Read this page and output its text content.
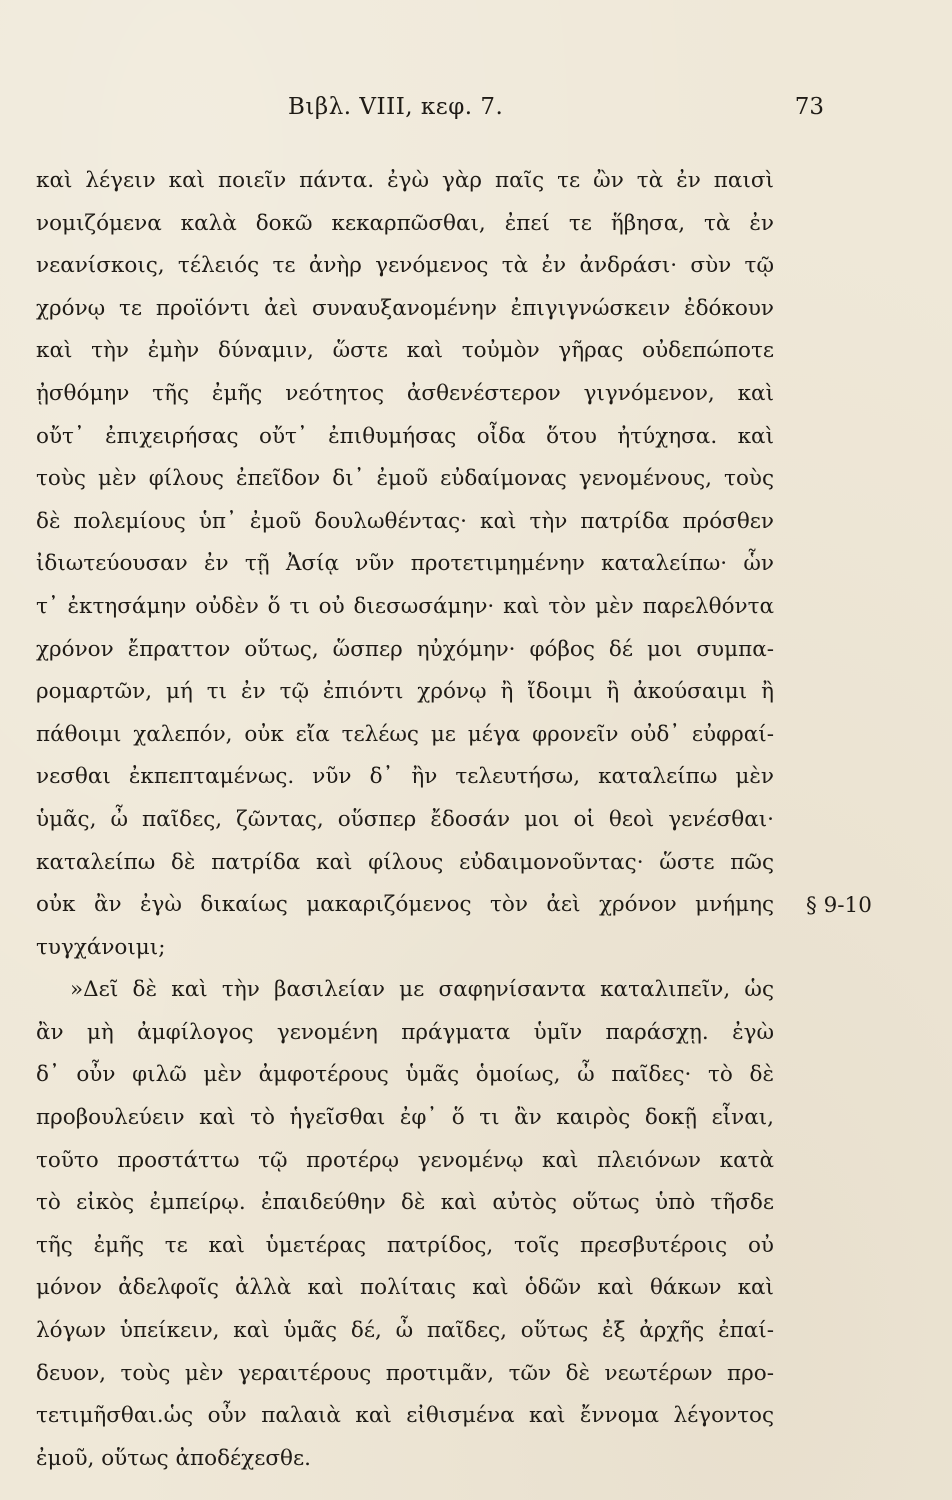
Βιβλ. VIII, κεφ. 7.	73
καὶ λέγειν καὶ ποιεῖν πάντα. ἐγὼ γὰρ παῖς τε ὢν τὰ ἐν παισὶ
νομιζόμενα καλὰ δοκῶ κεκαρπῶσθαι, ἐπεί τε ἥβησα, τὰ ἐν
νεανίσκοις, τέλειός τε ἀνὴρ γενόμενος τὰ ἐν ἀνδράσι· σὺν τῷ
χρόνῳ τε προϊόντι ἀεὶ συναυξανομένην ἐπιγιγνώσκειν ἐδόκουν
καὶ τὴν ἐμὴν δύναμιν, ὥστε καὶ τοὐμὸν γῆρας οὐδεπώποτε
ᾐσθόμην τῆς ἐμῆς νεότητος ἀσθενέστερον γιγνόμενον, καὶ
οὔτ᾽ ἐπιχειρήσας οὔτ᾽ ἐπιθυμήσας οἶδα ὅτου ἠτύχησα. καὶ
τοὺς μὲν φίλους ἐπεῖδον δι᾽ ἐμοῦ εὐδαίμονας γενομένους, τοὺς
δὲ πολεμίους ὑπ᾽ ἐμοῦ δουλωθέντας· καὶ τὴν πατρίδα πρόσθεν
ἰδιωτεύουσαν ἐν τῇ Ἀσίᾳ νῦν προτετιμημένην καταλείπω· ὧν
τ᾽ ἐκτησάμην οὐδὲν ὅ τι οὐ διεσωσάμην· καὶ τὸν μὲν παρελθόντα
χρόνον ἔπραττον οὕτως, ὥσπερ ηὐχόμην· φόβος δέ μοι συμπα-
ρομαρτῶν, μή τι ἐν τῷ ἐπιόντι χρόνῳ ἢ ἴδοιμι ἢ ἀκούσαιμι ἢ
πάθοιμι χαλεπόν, οὐκ εἴα τελέως με μέγα φρονεῖν οὐδ᾽ εὐφραί-
νεσθαι ἐκπεπταμένως. νῦν δ᾽ ἢν τελευτήσω, καταλείπω μὲν
ὑμᾶς, ὦ παῖδες, ζῶντας, οὕσπερ ἔδοσάν μοι οἱ θεοὶ γενέσθαι·
καταλείπω δὲ πατρίδα καὶ φίλους εὐδαιμονοῦντας· ὥστε πῶς
οὐκ ἂν ἐγὼ δικαίως μακαριζόμενος τὸν ἀεὶ χρόνον μνήμης
τυγχάνοιμι;
»Δεῖ δὲ καὶ τὴν βασιλείαν με σαφηνίσαντα καταλιπεῖν, ὡς
ἂν μὴ ἀμφίλογος γενομένη πράγματα ὑμῖν παράσχῃ. ἐγὼ
δ᾽ οὖν φιλῶ μὲν ἀμφοτέρους ὑμᾶς ὁμοίως, ὦ παῖδες· τὸ δὲ
προβουλεύειν καὶ τὸ ἡγεῖσθαι ἐφ᾽ ὅ τι ἂν καιρὸς δοκῇ εἶναι,
τοῦτο προστάττω τῷ προτέρῳ γενομένῳ καὶ πλειόνων κατὰ
τὸ εἰκὸς ἐμπείρῳ. ἐπαιδεύθην δὲ καὶ αὐτὸς οὕτως ὑπὸ τῆσδε
τῆς ἐμῆς τε καὶ ὑμετέρας πατρίδος, τοῖς πρεσβυτέροις οὐ
μόνον ἀδελφοῖς ἀλλὰ καὶ πολίταις καὶ ὁδῶν καὶ θάκων καὶ
λόγων ὑπείκειν, καὶ ὑμᾶς δέ, ὦ παῖδες, οὕτως ἐξ ἀρχῆς ἐπαί-
δευον, τοὺς μὲν γεραιτέρους προτιμᾶν, τῶν δὲ νεωτέρων προ-
τετιμῆσθαι.ὡς οὖν παλαιὰ καὶ εἰθισμένα καὶ ἔννομα λέγοντος
ἐμοῦ, οὕτως ἀποδέχεσθε.
§ 9-10
